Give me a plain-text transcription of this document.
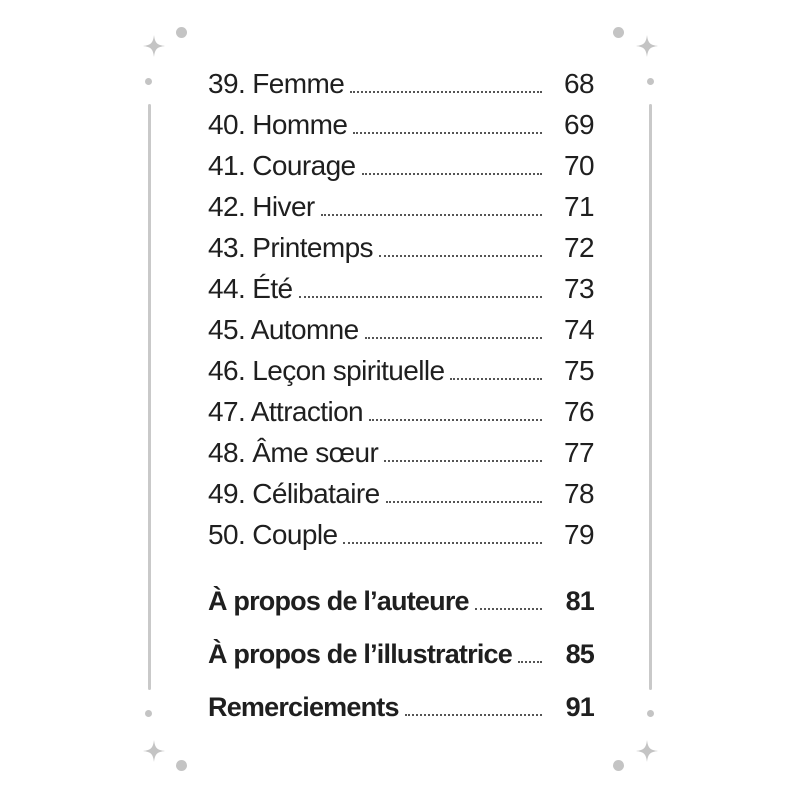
39. Femme	68
40. Homme	69
41. Courage	70
42. Hiver	71
43. Printemps	72
44. Été	73
45. Automne	74
46. Leçon spirituelle	75
47. Attraction	76
48. Âme sœur	77
49. Célibataire	78
50. Couple	79
À propos de l’auteure	81
À propos de l’illustratrice	85
Remerciements	91
